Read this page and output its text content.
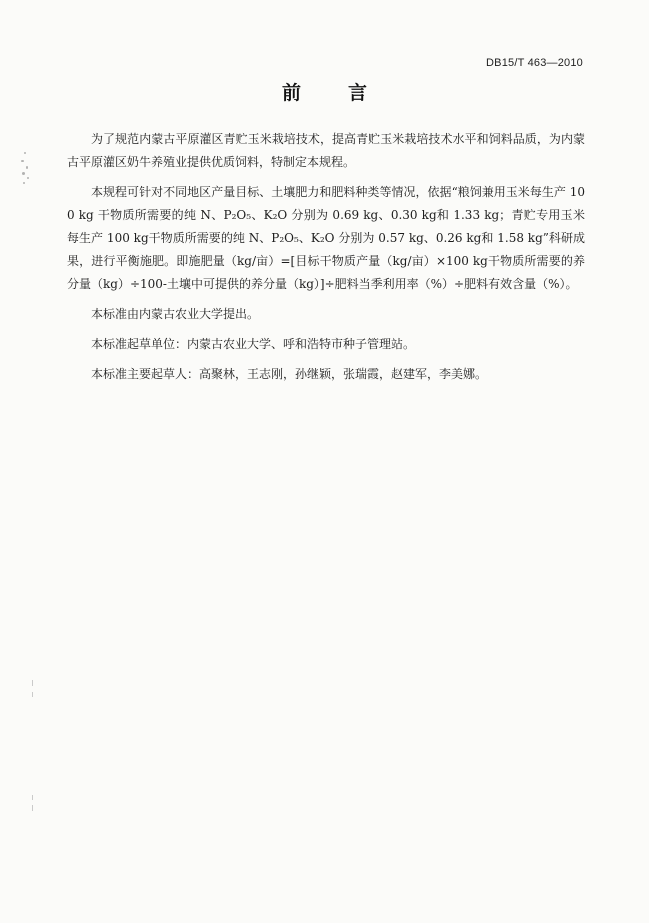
DB15/T 463—2010
前　言

为了规范内蒙古平原灌区青贮玉米栽培技术，提高青贮玉米栽培技术水平和饲料品质，为内蒙古平原灌区奶牛养殖业提供优质饲料，特制定本规程。

本规程可针对不同地区产量目标、土壤肥力和肥料种类等情况，依据“粮饲兼用玉米每生产 100 kg 干物质所需要的纯 N、P₂O₅、K₂O 分别为 0.69 kg、0.30 kg和 1.33 kg；青贮专用玉米每生产 100 kg干物质所需要的纯 N、P₂O₅、K₂O 分别为 0.57 kg、0.26 kg和 1.58 kg”科研成果，进行平衡施肥。即施肥量（kg/亩）=[目标干物质产量（kg/亩）×100 kg干物质所需要的养分量（kg）÷100-土壤中可提供的养分量（kg）]÷肥料当季利用率（%）÷肥料有效含量（%）。

本标准由内蒙古农业大学提出。

本标准起草单位：内蒙古农业大学、呼和浩特市种子管理站。

本标准主要起草人：高聚林，王志刚，孙继颖，张瑞霞，赵建军，李美娜。
